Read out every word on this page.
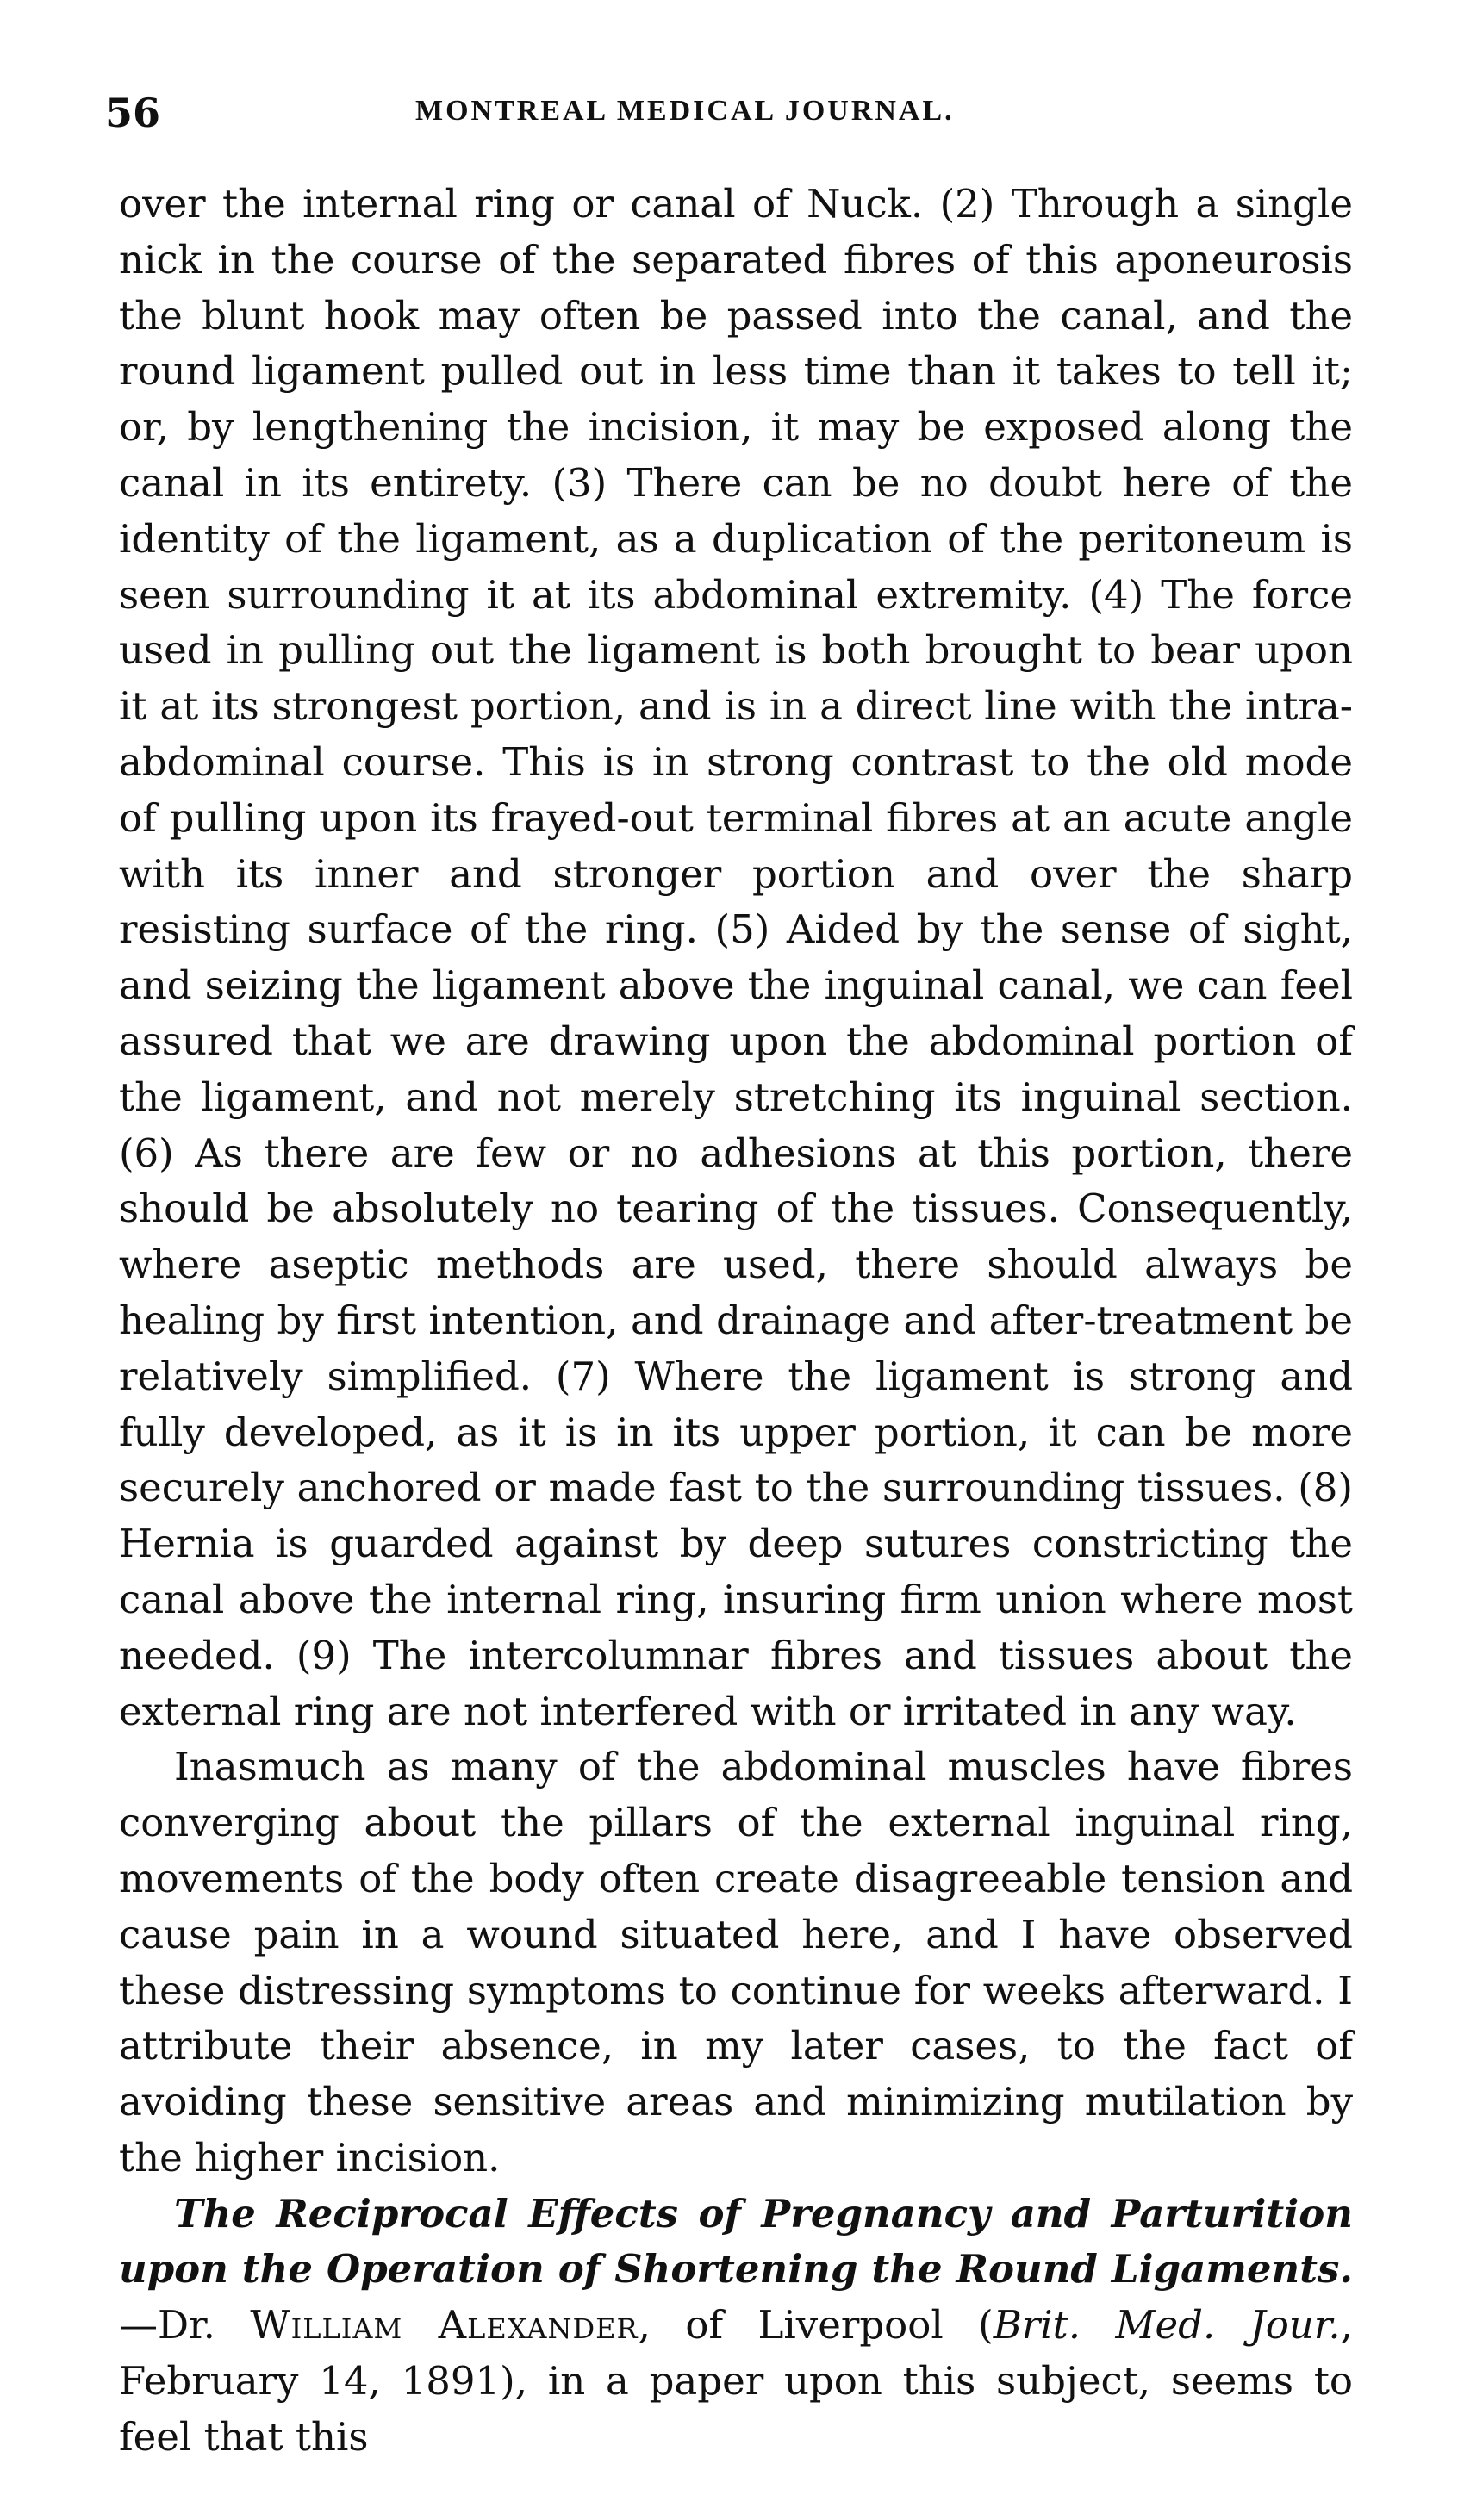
56	MONTREAL MEDICAL JOURNAL.

over the internal ring or canal of Nuck. (2) Through a single nick in the course of the separated fibres of this aponeurosis the blunt hook may often be passed into the canal, and the round ligament pulled out in less time than it takes to tell it; or, by lengthening the incision, it may be exposed along the canal in its entirety. (3) There can be no doubt here of the identity of the ligament, as a duplication of the peritoneum is seen surrounding it at its abdominal extremity. (4) The force used in pulling out the ligament is both brought to bear upon it at its strongest portion, and is in a direct line with the intra-abdominal course. This is in strong contrast to the old mode of pulling upon its frayed-out terminal fibres at an acute angle with its inner and stronger portion and over the sharp resisting surface of the ring. (5) Aided by the sense of sight, and seizing the ligament above the inguinal canal, we can feel assured that we are drawing upon the abdominal portion of the ligament, and not merely stretching its inguinal section. (6) As there are few or no adhesions at this portion, there should be absolutely no tearing of the tissues. Consequently, where aseptic methods are used, there should always be healing by first intention, and drainage and after-treatment be relatively simplified. (7) Where the ligament is strong and fully developed, as it is in its upper portion, it can be more securely anchored or made fast to the surrounding tissues. (8) Hernia is guarded against by deep sutures constricting the canal above the internal ring, insuring firm union where most needed. (9) The intercolumnar fibres and tissues about the external ring are not interfered with or irritated in any way.

Inasmuch as many of the abdominal muscles have fibres converging about the pillars of the external inguinal ring, movements of the body often create disagreeable tension and cause pain in a wound situated here, and I have observed these distressing symptoms to continue for weeks afterward. I attribute their absence, in my later cases, to the fact of avoiding these sensitive areas and minimizing mutilation by the higher incision.

The Reciprocal Effects of Pregnancy and Parturition upon the Operation of Shortening the Round Ligaments.—Dr. William Alexander, of Liverpool (Brit. Med. Jour., February 14, 1891), in a paper upon this subject, seems to feel that this
